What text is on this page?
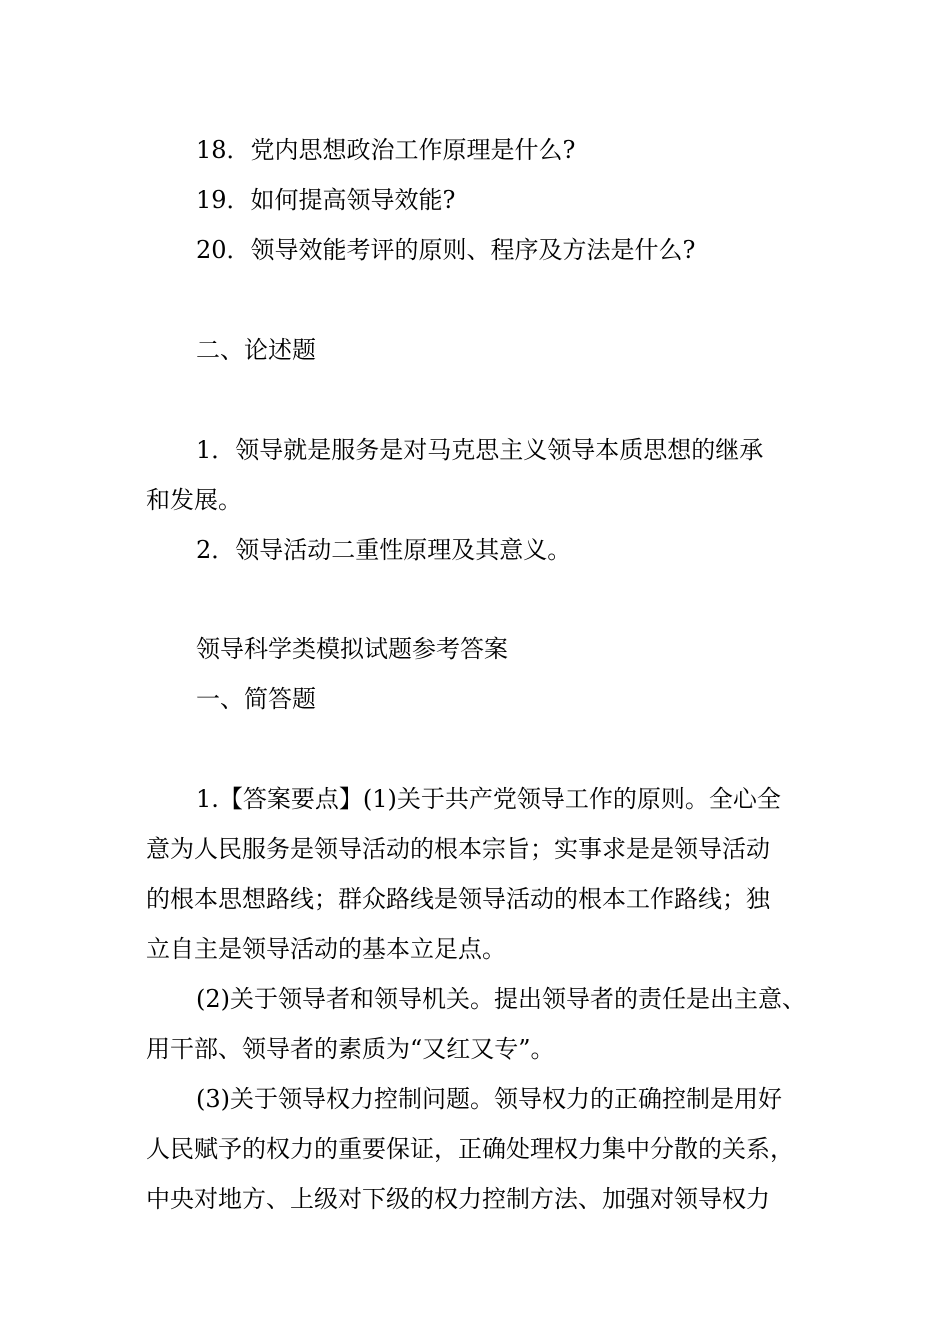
18．党内思想政治工作原理是什么?
19．如何提高领导效能?
20．领导效能考评的原则、程序及方法是什么?
二、论述题
1．领导就是服务是对马克思主义领导本质思想的继承
和发展。
2．领导活动二重性原理及其意义。
领导科学类模拟试题参考答案
一、简答题
1.【答案要点】(1)关于共产党领导工作的原则。全心全
意为人民服务是领导活动的根本宗旨；实事求是是领导活动
的根本思想路线；群众路线是领导活动的根本工作路线；独
立自主是领导活动的基本立足点。
(2)关于领导者和领导机关。提出领导者的责任是出主意、
用干部、领导者的素质为“又红又专”。
(3)关于领导权力控制问题。领导权力的正确控制是用好
人民赋予的权力的重要保证，正确处理权力集中分散的关系，
中央对地方、上级对下级的权力控制方法、加强对领导权力
